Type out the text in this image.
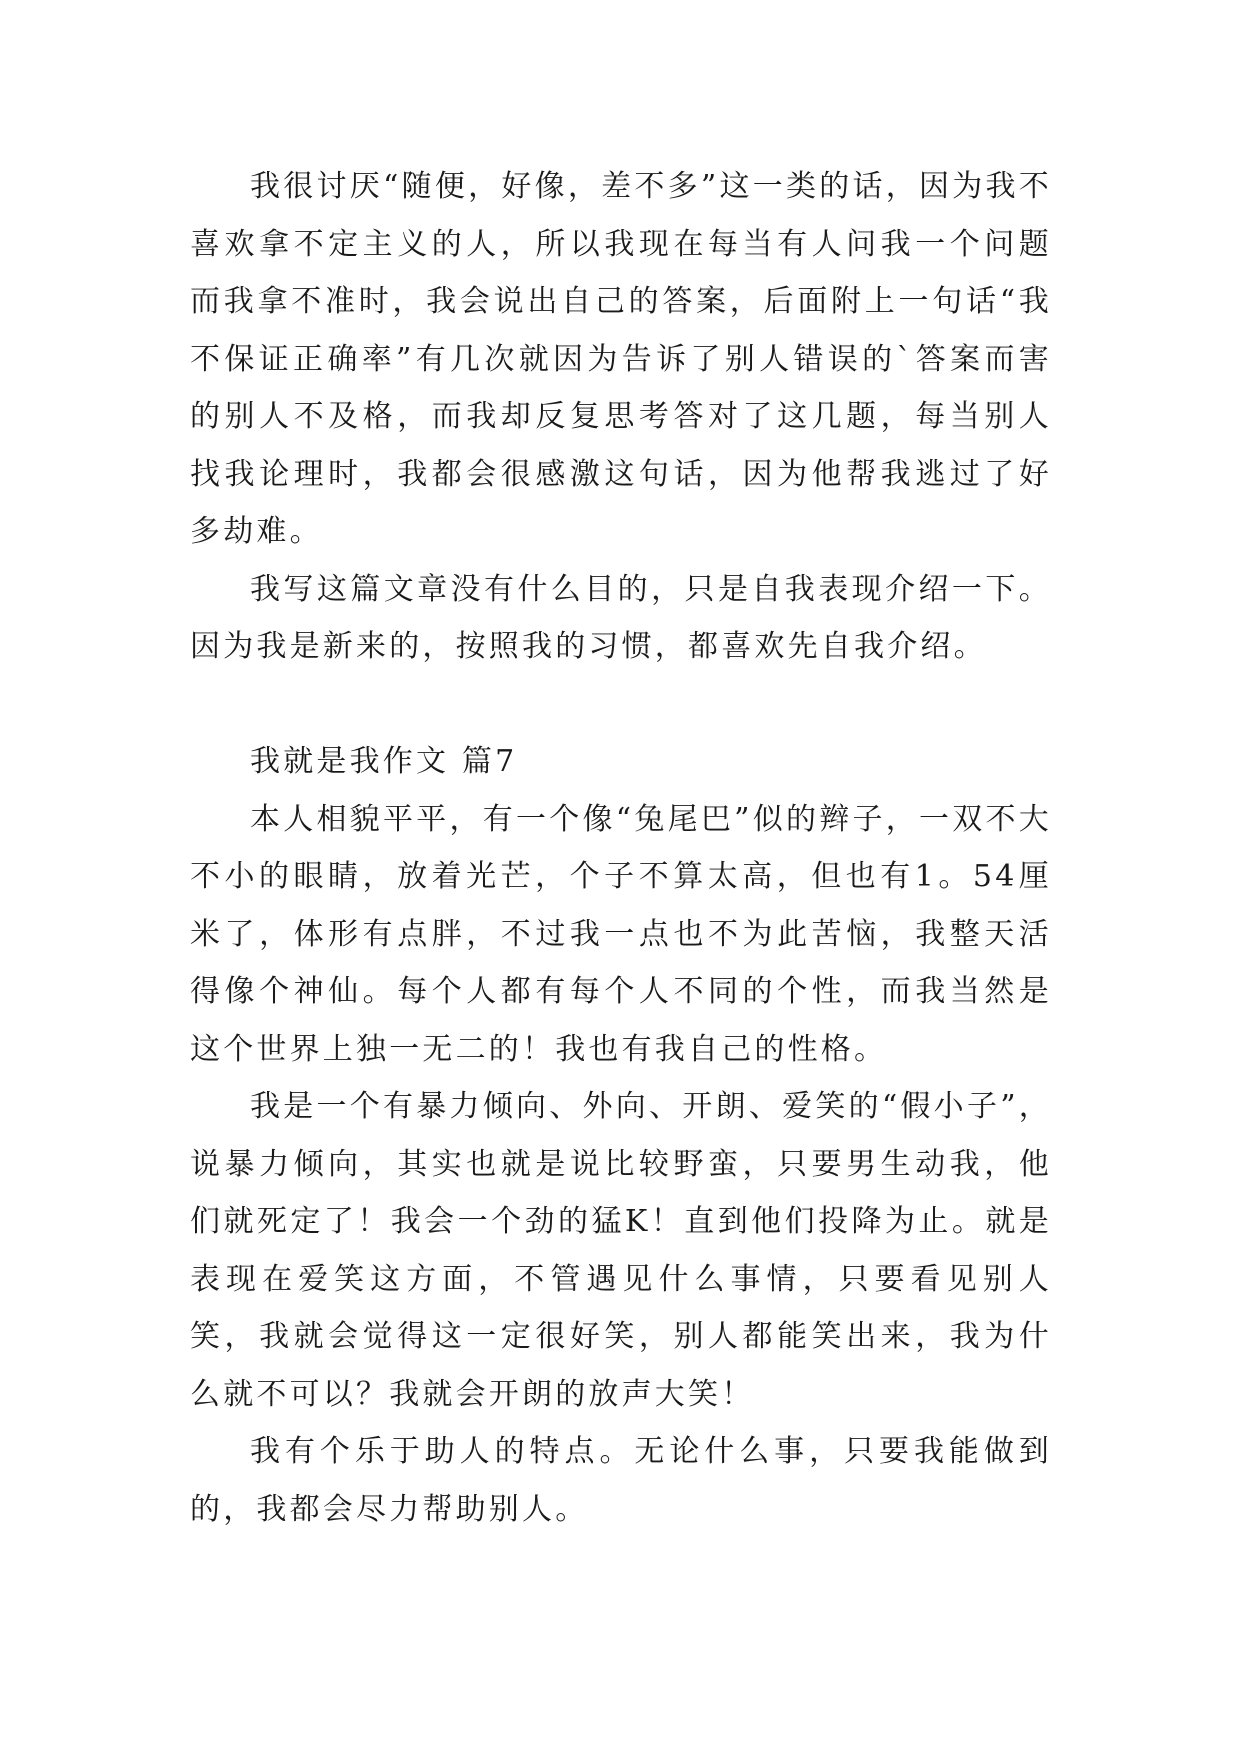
我很讨厌“随便，好像，差不多”这一类的话，因为我不喜欢拿不定主义的人，所以我现在每当有人问我一个问题而我拿不准时，我会说出自己的答案，后面附上一句话“我不保证正确率”有几次就因为告诉了别人错误的`答案而害的别人不及格，而我却反复思考答对了这几题，每当别人找我论理时，我都会很感激这句话，因为他帮我逃过了好多劫难。

我写这篇文章没有什么目的，只是自我表现介绍一下。因为我是新来的，按照我的习惯，都喜欢先自我介绍。

我就是我作文 篇7

本人相貌平平，有一个像“兔尾巴”似的辫子，一双不大不小的眼睛，放着光芒，个子不算太高，但也有1。54厘米了，体形有点胖，不过我一点也不为此苦恼，我整天活得像个神仙。每个人都有每个人不同的个性，而我当然是这个世界上独一无二的！我也有我自己的性格。

我是一个有暴力倾向、外向、开朗、爱笑的“假小子”，说暴力倾向，其实也就是说比较野蛮，只要男生动我，他们就死定了！我会一个劲的猛K！直到他们投降为止。就是表现在爱笑这方面，不管遇见什么事情，只要看见别人笑，我就会觉得这一定很好笑，别人都能笑出来，我为什么就不可以？我就会开朗的放声大笑！

我有个乐于助人的特点。无论什么事，只要我能做到的，我都会尽力帮助别人。
